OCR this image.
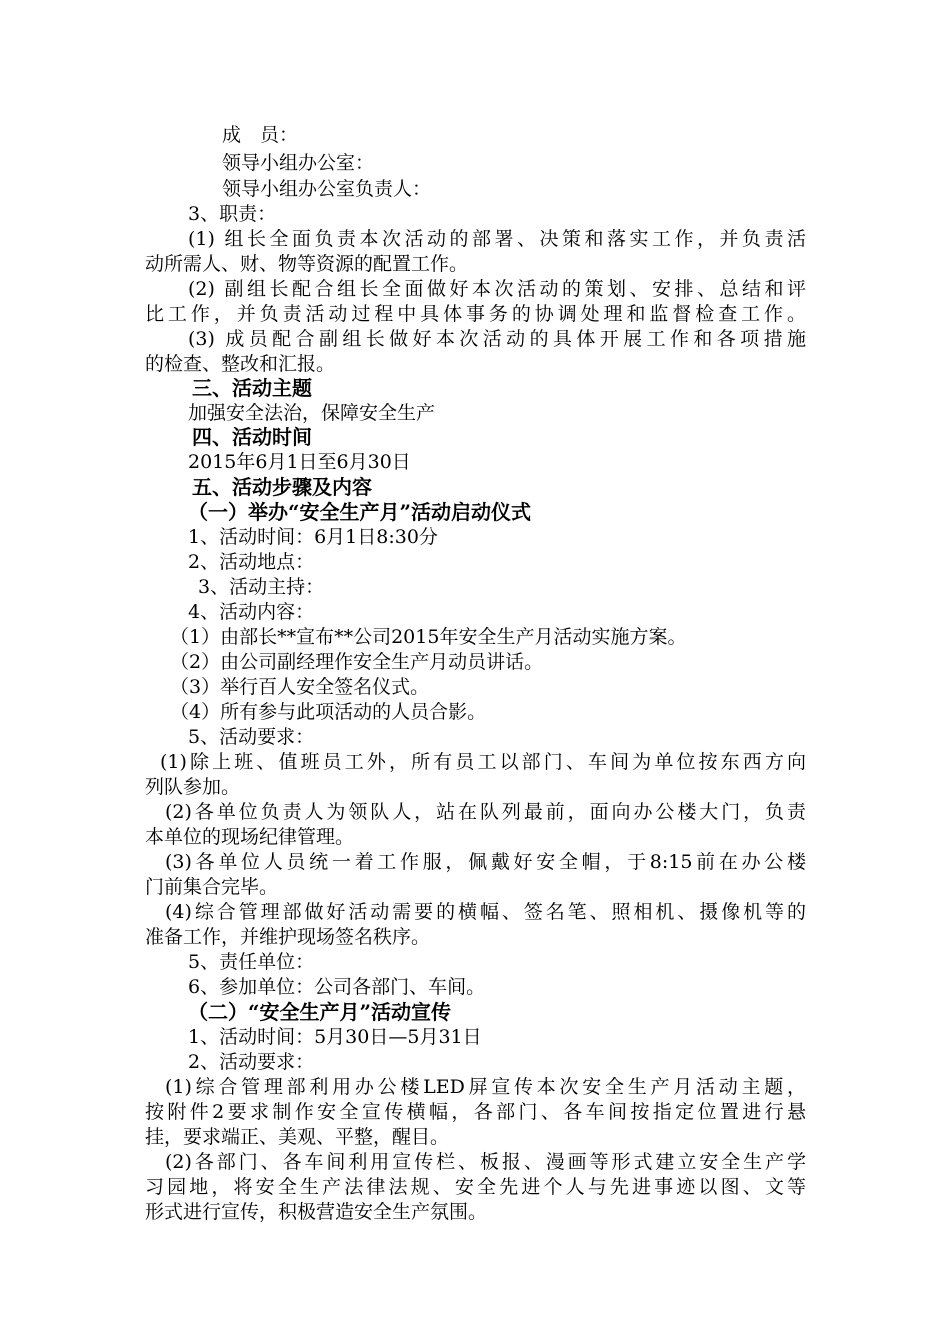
成　员：
领导小组办公室：
领导小组办公室负责人：
3、职责：
(1) 组长全面负责本次活动的部署、决策和落实工作，并负责活
动所需人、财、物等资源的配置工作。
(2) 副组长配合组长全面做好本次活动的策划、安排、总结和评
比工作，并负责活动过程中具体事务的协调处理和监督检查工作。
(3) 成员配合副组长做好本次活动的具体开展工作和各项措施
的检查、整改和汇报。
三、活动主题
加强安全法治，保障安全生产
四、活动时间
2015年6月1日至6月30日
五、活动步骤及内容
（一）举办“安全生产月”活动启动仪式
1、活动时间：6月1日8:30分
2、活动地点：
3、活动主持：
4、活动内容：
（1）由部长**宣布**公司2015年安全生产月活动实施方案。
（2）由公司副经理作安全生产月动员讲话。
（3）举行百人安全签名仪式。
（4）所有参与此项活动的人员合影。
5、活动要求：
(1)除上班、值班员工外，所有员工以部门、车间为单位按东西方向
列队参加。
(2)各单位负责人为领队人，站在队列最前，面向办公楼大门，负责
本单位的现场纪律管理。
(3)各单位人员统一着工作服，佩戴好安全帽，于8:15前在办公楼
门前集合完毕。
(4)综合管理部做好活动需要的横幅、签名笔、照相机、摄像机等的
准备工作，并维护现场签名秩序。
5、责任单位：
6、参加单位：公司各部门、车间。
（二）“安全生产月”活动宣传
1、活动时间：5月30日—5月31日
2、活动要求：
(1)综合管理部利用办公楼LED屏宣传本次安全生产月活动主题，
按附件2要求制作安全宣传横幅，各部门、各车间按指定位置进行悬
挂，要求端正、美观、平整，醒目。
(2)各部门、各车间利用宣传栏、板报、漫画等形式建立安全生产学
习园地，将安全生产法律法规、安全先进个人与先进事迹以图、文等
形式进行宣传，积极营造安全生产氛围。
